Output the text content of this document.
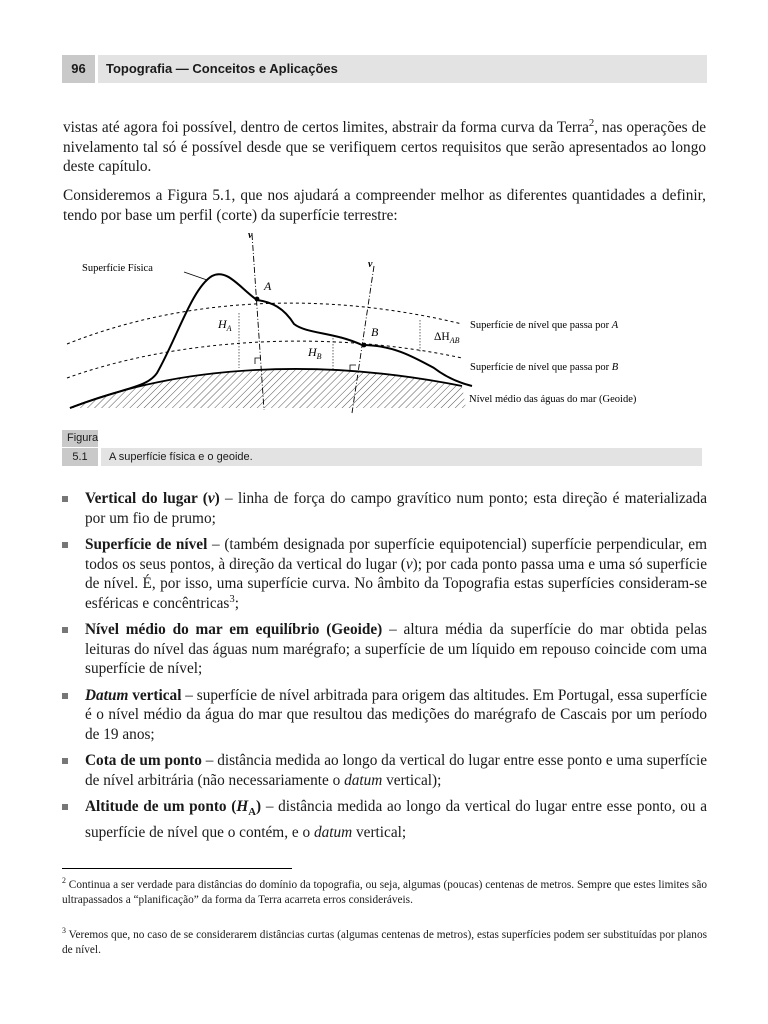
96	Topografia — Conceitos e Aplicações

vistas até agora foi possível, dentro de certos limites, abstrair da forma curva da Terra$^2$, nas operações de nivelamento tal só é possível desde que se verifiquem certos requisitos que serão apresentados ao longo deste capítulo.

Consideremos a Figura 5.1, que nos ajudará a compreender melhor as diferentes quantidades a definir, tendo por base um perfil (corte) da superfície terrestre:

Superfície Física
v
v
A
B
$H_A$
$H_B$
$\Delta H_{AB}$
Superfície de nível que passa por A
Superfície de nível que passa por B
Nível médio das águas do mar (Geoide)
Figura
5.1	A superfície física e o geoide.
Vertical do lugar (v) – linha de força do campo gravítico num ponto; esta direção é materializada por um fio de prumo;
Superfície de nível – (também designada por superfície equipotencial) superfície perpendicular, em todos os seus pontos, à direção da vertical do lugar (v); por cada ponto passa uma e uma só superfície de nível. É, por isso, uma superfície curva. No âmbito da Topografia estas superfícies consideram-se esféricas e concêntricas$^3$;
Nível médio do mar em equilíbrio (Geoide) – altura média da superfície do mar obtida pelas leituras do nível das águas num marégrafo; a superfície de um líquido em repouso coincide com uma superfície de nível;
Datum vertical – superfície de nível arbitrada para origem das altitudes. Em Portugal, essa superfície é o nível médio da água do mar que resultou das medições do marégrafo de Cascais por um período de 19 anos;
Cota de um ponto – distância medida ao longo da vertical do lugar entre esse ponto e uma superfície de nível arbitrária (não necessariamente o datum vertical);
Altitude de um ponto $(H_A)$ – distância medida ao longo da vertical do lugar entre esse ponto, ou a superfície de nível que o contém, e o datum vertical;

$^2$ Continua a ser verdade para distâncias do domínio da topografia, ou seja, algumas (poucas) centenas de metros. Sempre que estes limites são ultrapassados a “planificação” da forma da Terra acarreta erros consideráveis.

$^3$ Veremos que, no caso de se considerarem distâncias curtas (algumas centenas de metros), estas superfícies podem ser substituídas por planos de nível.
